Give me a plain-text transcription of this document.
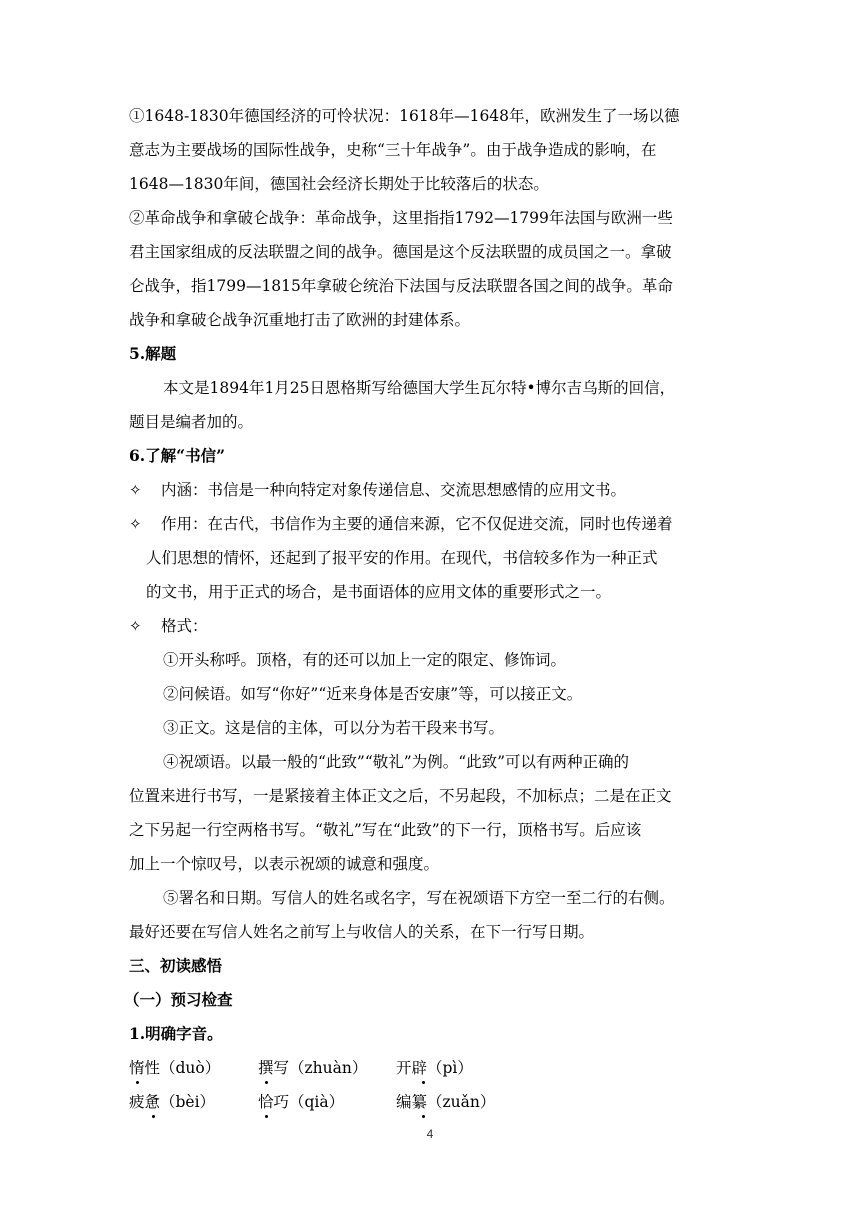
①1648-1830年德国经济的可怜状况：1618年—1648年，欧洲发生了一场以德
意志为主要战场的国际性战争，史称“三十年战争”。由于战争造成的影响，在
1648—1830年间，德国社会经济长期处于比较落后的状态。
②革命战争和拿破仑战争：革命战争，这里指指1792—1799年法国与欧洲一些
君主国家组成的反法联盟之间的战争。德国是这个反法联盟的成员国之一。拿破
仑战争，指1799—1815年拿破仑统治下法国与反法联盟各国之间的战争。革命
战争和拿破仑战争沉重地打击了欧洲的封建体系。
5.解题
本文是1894年1月25日恩格斯写给德国大学生瓦尔特•博尔吉乌斯的回信，
题目是编者加的。
6.了解“书信”
✧ 内涵：书信是一种向特定对象传递信息、交流思想感情的应用文书。
✧ 作用：在古代，书信作为主要的通信来源，它不仅促进交流，同时也传递着
人们思想的情怀，还起到了报平安的作用。在现代，书信较多作为一种正式
的文书，用于正式的场合，是书面语体的应用文体的重要形式之一。
✧ 格式：
①开头称呼。顶格，有的还可以加上一定的限定、修饰词。
②问候语。如写“你好”“近来身体是否安康”等，可以接正文。
③正文。这是信的主体，可以分为若干段来书写。
④祝颂语。以最一般的“此致”“敬礼”为例。“此致”可以有两种正确的
位置来进行书写，一是紧接着主体正文之后，不另起段，不加标点；二是在正文
之下另起一行空两格书写。“敬礼”写在“此致”的下一行，顶格书写。后应该
加上一个惊叹号，以表示祝颂的诚意和强度。
⑤署名和日期。写信人的姓名或名字，写在祝颂语下方空一至二行的右侧。
最好还要在写信人姓名之前写上与收信人的关系，在下一行写日期。
三、初读感悟
（一）预习检查
1.明确字音。
惰性（duò） 撰写（zhuàn） 开辟（pì）
疲惫（bèi）	恰巧（qià）	编纂（zuǎn）
4
